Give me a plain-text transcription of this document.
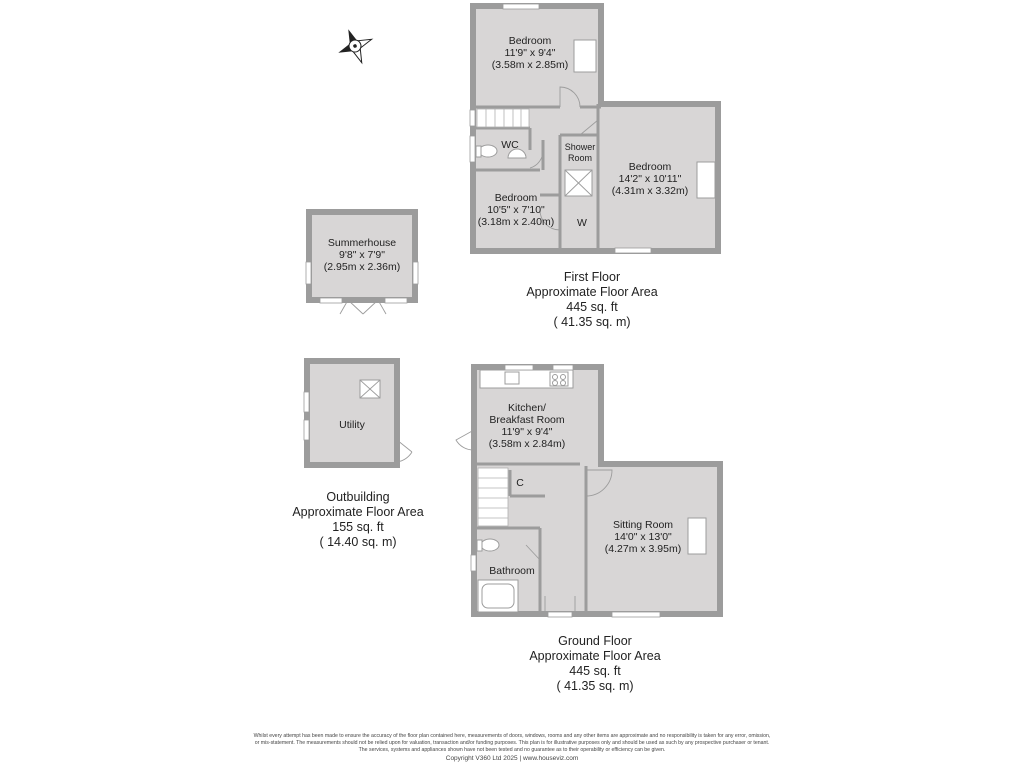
Bedroom
11'9" x 9'4"
(3.58m x 2.85m)
Bedroom
14'2" x 10'11"
(4.31m x 3.32m)
Bedroom
10'5" x 7'10"
(3.18m x 2.40m)
WC	Shower
Room
W
Summerhouse
9'8" x 7'9"
(2.95m x 2.36m)
Utility
Kitchen/
Breakfast Room
11'9" x 9'4"
(3.58m x 2.84m)
C
Sitting Room
14'0" x 13'0"
(4.27m x 3.95m)
Bathroom
First Floor
Approximate Floor Area
445 sq. ft
( 41.35 sq. m)
Outbuilding
Approximate Floor Area
155 sq. ft
( 14.40 sq. m)
Ground Floor
Approximate Floor Area
445 sq. ft
( 41.35 sq. m)
Whilst every attempt has been made to ensure the accuracy of the floor plan contained here, measurements of doors, windows, rooms and any other items are approximate and no responsibility is taken for any error, omission,
or mis-statement. The measurements should not be relied upon for valuation, transaction and/or funding purposes. This plan is for illustrative purposes only and should be used as such by any prospective purchaser or tenant.
The services, systems and appliances shown have not been tested and no guarantee as to their operability or efficiency can be given.
Copyright V360 Ltd 2025 | www.houseviz.com
